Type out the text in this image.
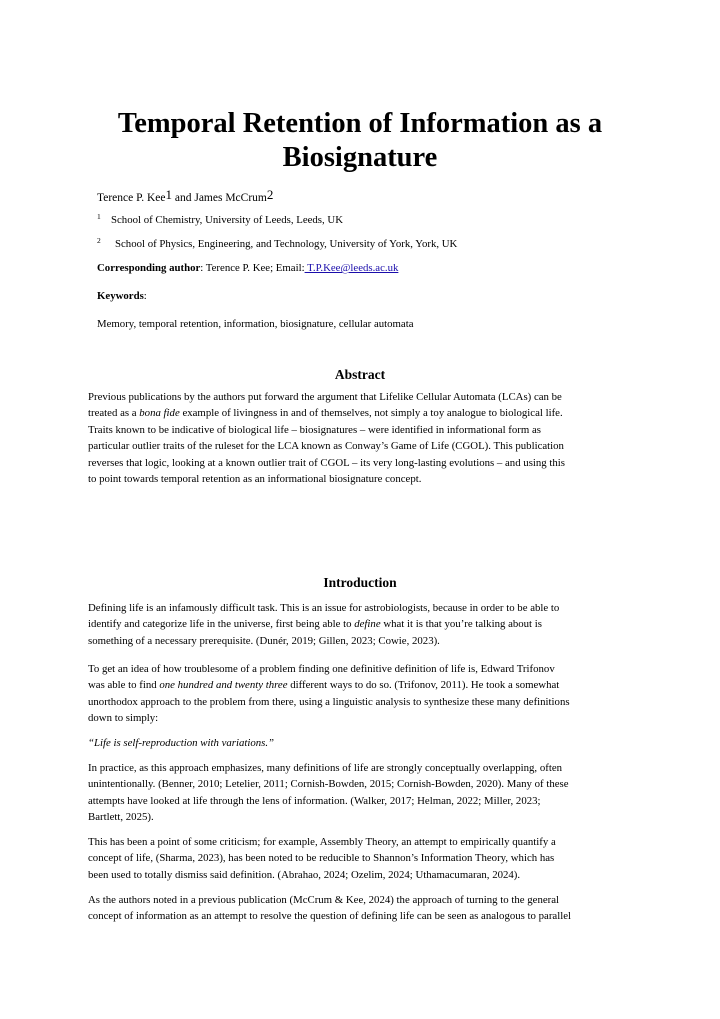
Temporal Retention of Information as a
Biosignature
Terence P. Kee$^1$ and James McCrum$^2$
1 School of Chemistry, University of Leeds, Leeds, UK
2 School of Physics, Engineering, and Technology, University of York, York, UK
Corresponding author: Terence P. Kee; Email: T.P.Kee@leeds.ac.uk
Keywords:
Memory, temporal retention, information, biosignature, cellular automata
Abstract
Previous publications by the authors put forward the argument that Lifelike Cellular Automata (LCAs) can be
treated as a bona fide example of livingness in and of themselves, not simply a toy analogue to biological life.
Traits known to be indicative of biological life – biosignatures – were identified in informational form as
particular outlier traits of the ruleset for the LCA known as Conway’s Game of Life (CGOL). This publication
reverses that logic, looking at a known outlier trait of CGOL – its very long-lasting evolutions – and using this
to point towards temporal retention as an informational biosignature concept.
Introduction
Defining life is an infamously difficult task. This is an issue for astrobiologists, because in order to be able to
identify and categorize life in the universe, first being able to define what it is that you’re talking about is
something of a necessary prerequisite. (Dunér, 2019; Gillen, 2023; Cowie, 2023).
To get an idea of how troublesome of a problem finding one definitive definition of life is, Edward Trifonov
was able to find one hundred and twenty three different ways to do so. (Trifonov, 2011). He took a somewhat
unorthodox approach to the problem from there, using a linguistic analysis to synthesize these many definitions
down to simply:
“Life is self-reproduction with variations.”
In practice, as this approach emphasizes, many definitions of life are strongly conceptually overlapping, often
unintentionally. (Benner, 2010; Letelier, 2011; Cornish-Bowden, 2015; Cornish-Bowden, 2020). Many of these
attempts have looked at life through the lens of information. (Walker, 2017; Helman, 2022; Miller, 2023;
Bartlett, 2025).
This has been a point of some criticism; for example, Assembly Theory, an attempt to empirically quantify a
concept of life, (Sharma, 2023), has been noted to be reducible to Shannon’s Information Theory, which has
been used to totally dismiss said definition. (Abrahao, 2024; Ozelim, 2024; Uthamacumaran, 2024).
As the authors noted in a previous publication (McCrum & Kee, 2024) the approach of turning to the general
concept of information as an attempt to resolve the question of defining life can be seen as analogous to parallel
